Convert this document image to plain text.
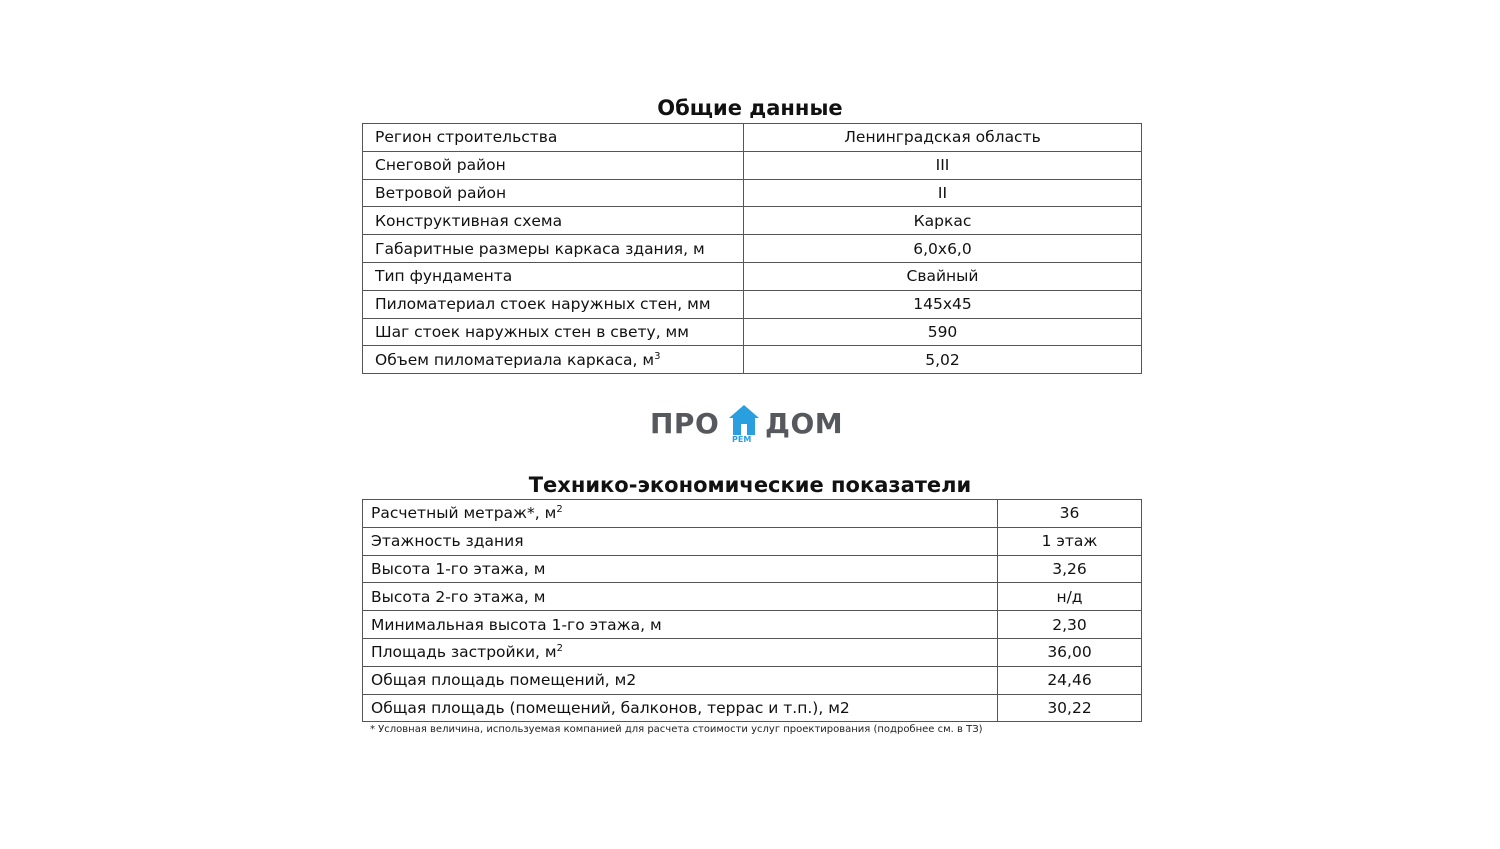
Общие данные
Регион строительства	Ленинградская область
Снеговой район	III
Ветровой район	II
Конструктивная схема	Каркас
Габаритные размеры каркаса здания, м	6,0х6,0
Тип фундамента	Свайный
Пиломатериал стоек наружных стен, мм	145х45
Шаг стоек наружных стен в свету, мм	590
Объем пиломатериала каркаса, $м^3$	5,02
ПРО РЕМ ДОМ
Технико-экономические показатели
Расчетный метраж*, $м^2$	36
Этажность здания	1 этаж
Высота 1-го этажа, м	3,26
Высота 2-го этажа, м	н/д
Минимальная высота 1-го этажа, м	2,30
Площадь застройки, $м^2$	36,00
Общая площадь помещений, м2	24,46
Общая площадь (помещений, балконов, террас и т.п.), м2	30,22
* Условная величина, используемая компанией для расчета стоимости услуг проектирования (подробнее см. в ТЗ)
